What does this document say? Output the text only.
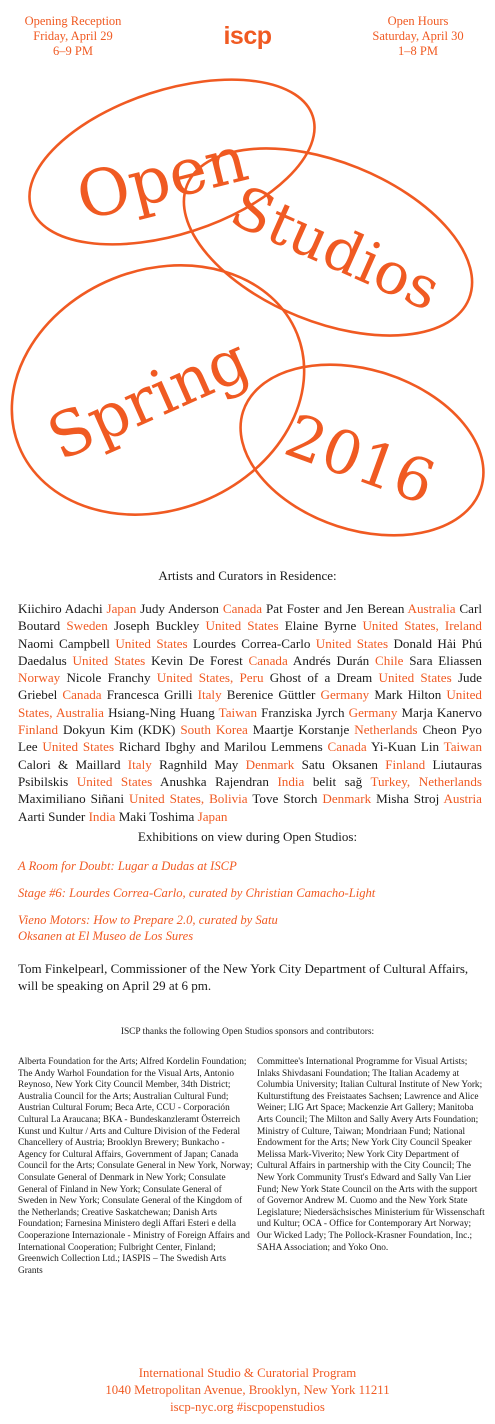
Opening Reception
Friday, April 29
6–9 PM
iscp
Open Hours
Saturday, April 30
1–8 PM
Open
Studios
Spring 2016
Artists and Curators in Residence:
Kiichiro Adachi Japan Judy Anderson Canada Pat Foster and Jen Berean Australia Carl Boutard Sweden Joseph Buckley United States Elaine Byrne United States, Ireland Naomi Campbell United States Lourdes Correa-Carlo United States Donald Hải Phú Daedalus United States Kevin De Forest Canada Andrés Durán Chile Sara Eliassen Norway Nicole Franchy United States, Peru Ghost of a Dream United States Jude Griebel Canada Francesca Grilli Italy Berenice Güttler Germany Mark Hilton United States, Australia Hsiang-Ning Huang Taiwan Franziska Jyrch Germany Marja Kanervo Finland Dokyun Kim (KDK) South Korea Maartje Korstanje Netherlands Cheon Pyo Lee United States Richard Ibghy and Marilou Lemmens Canada Yi-Kuan Lin Taiwan Calori & Maillard Italy Ragnhild May Denmark Satu Oksanen Finland Liutauras Psibilskis United States Anushka Rajendran India belit sağ Turkey, Netherlands Maximiliano Siñani United States, Bolivia Tove Storch Denmark Misha Stroj Austria Aarti Sunder India Maki Toshima Japan
Exhibitions on view during Open Studios:
A Room for Doubt: Lugar a Dudas at ISCP
Stage #6: Lourdes Correa-Carlo, curated by Christian Camacho-Light
Vieno Motors: How to Prepare 2.0, curated by Satu Oksanen at El Museo de Los Sures
Tom Finkelpearl, Commissioner of the New York City Department of Cultural Affairs, will be speaking on April 29 at 6 pm.
ISCP thanks the following Open Studios sponsors and contributors:
Alberta Foundation for the Arts; Alfred Kordelin Foundation; The Andy Warhol Foundation for the Visual Arts, Antonio Reynoso, New York City Council Member, 34th District; Australia Council for the Arts; Australian Cultural Fund; Austrian Cultural Forum; Beca Arte, CCU - Corporación Cultural La Araucana; BKA - Bundeskanzleramt Österreich Kunst und Kultur / Arts and Culture Division of the Federal Chancellery of Austria; Brooklyn Brewery; Bunkacho - Agency for Cultural Affairs, Government of Japan; Canada Council for the Arts; Consulate General in New York, Norway; Consulate General of Denmark in New York; Consulate General of Finland in New York; Consulate General of Sweden in New York; Consulate General of the Kingdom of the Netherlands; Creative Saskatchewan; Danish Arts Foundation; Farnesina Ministero degli Affari Esteri e della Cooperazione Internazionale - Ministry of Foreign Affairs and International Cooperation; Fulbright Center, Finland; Greenwich Collection Ltd.; IASPIS – The Swedish Arts Grants
Committee's International Programme for Visual Artists; Inlaks Shivdasani Foundation; The Italian Academy at Columbia University; Italian Cultural Institute of New York; Kulturstiftung des Freistaates Sachsen; Lawrence and Alice Weiner; LIG Art Space; Mackenzie Art Gallery; Manitoba Arts Council; The Milton and Sally Avery Arts Foundation; Ministry of Culture, Taiwan; Mondriaan Fund; National Endowment for the Arts; New York City Council Speaker Melissa Mark-Viverito; New York City Department of Cultural Affairs in partnership with the City Council; The New York Community Trust's Edward and Sally Van Lier Fund; New York State Council on the Arts with the support of Governor Andrew M. Cuomo and the New York State Legislature; Niedersächsisches Ministerium für Wissenschaft und Kultur; OCA - Office for Contemporary Art Norway; Our Wicked Lady; The Pollock-Krasner Foundation, Inc.; SAHA Association; and Yoko Ono.
International Studio & Curatorial Program
1040 Metropolitan Avenue, Brooklyn, New York 11211
iscp-nyc.org #iscpopenstudios
